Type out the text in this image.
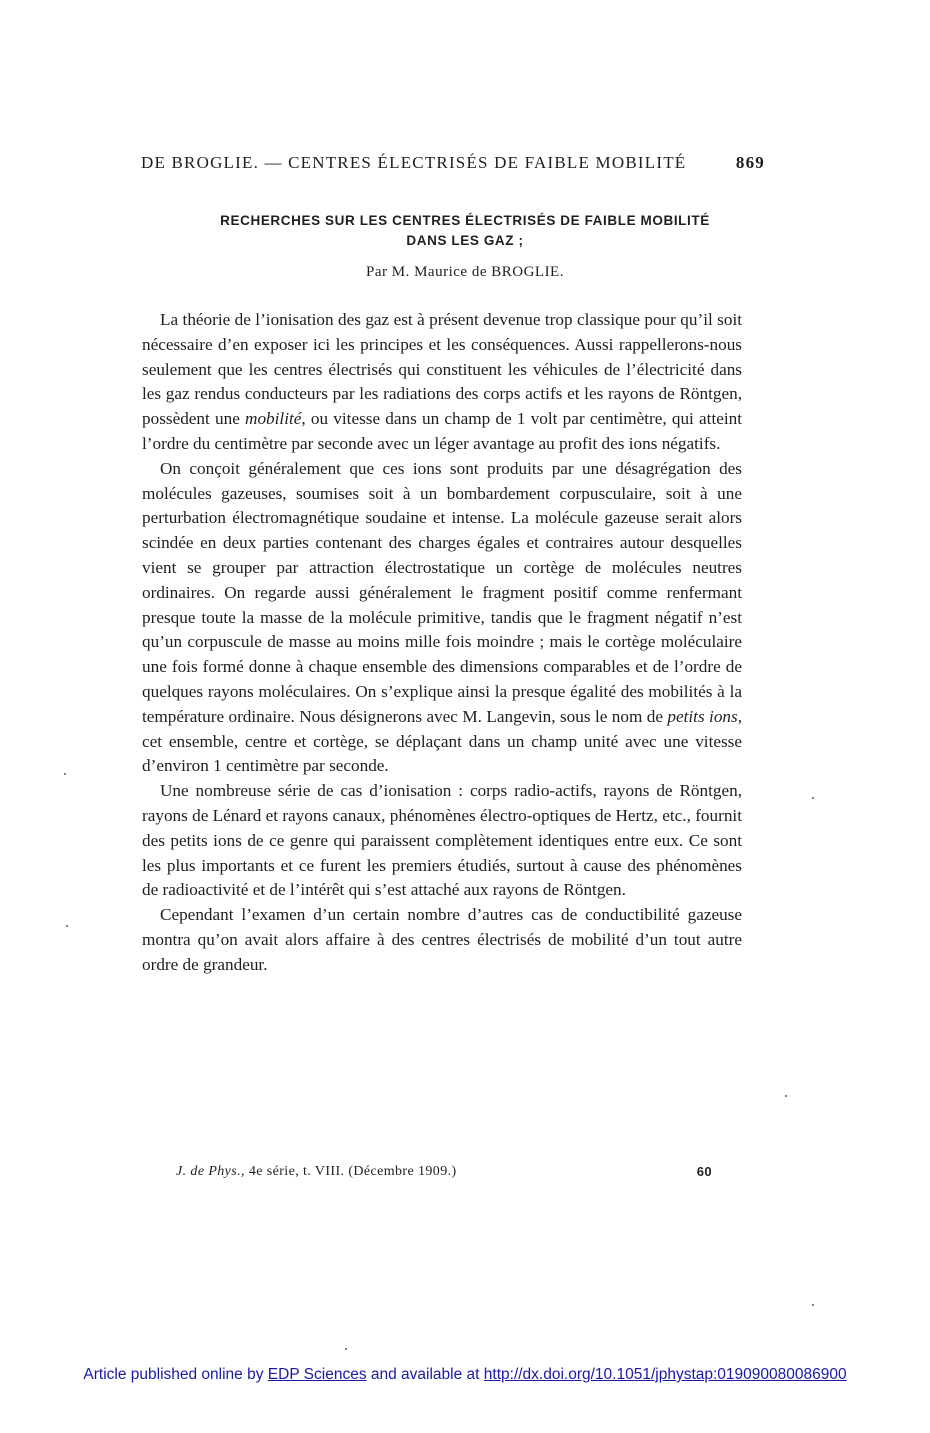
DE BROGLIE. — CENTRES ÉLECTRISÉS DE FAIBLE MOBILITÉ	869
RECHERCHES SUR LES CENTRES ÉLECTRISÉS DE FAIBLE MOBILITÉ
DANS LES GAZ ;
Par M. Maurice de BROGLIE.

La théorie de l’ionisation des gaz est à présent devenue trop classique pour qu’il soit nécessaire d’en exposer ici les principes et les conséquences. Aussi rappellerons-nous seulement que les centres électrisés qui constituent les véhicules de l’électricité dans les gaz rendus conducteurs par les radiations des corps actifs et les rayons de Röntgen, possèdent une mobilité, ou vitesse dans un champ de 1 volt par centimètre, qui atteint l’ordre du centimètre par seconde avec un léger avantage au profit des ions négatifs.

On conçoit généralement que ces ions sont produits par une désagrégation des molécules gazeuses, soumises soit à un bombardement corpusculaire, soit à une perturbation électromagnétique soudaine et intense. La molécule gazeuse serait alors scindée en deux parties contenant des charges égales et contraires autour desquelles vient se grouper par attraction électrostatique un cortège de molécules neutres ordinaires. On regarde aussi généralement le fragment positif comme renfermant presque toute la masse de la molécule primitive, tandis que le fragment négatif n’est qu’un corpuscule de masse au moins mille fois moindre ; mais le cortège moléculaire une fois formé donne à chaque ensemble des dimensions comparables et de l’ordre de quelques rayons moléculaires. On s’explique ainsi la presque égalité des mobilités à la température ordinaire. Nous désignerons avec M. Langevin, sous le nom de petits ions, cet ensemble, centre et cortège, se déplaçant dans un champ unité avec une vitesse d’environ 1 centimètre par seconde.

Une nombreuse série de cas d’ionisation : corps radio-actifs, rayons de Röntgen, rayons de Lénard et rayons canaux, phénomènes électro-optiques de Hertz, etc., fournit des petits ions de ce genre qui paraissent complètement identiques entre eux. Ce sont les plus importants et ce furent les premiers étudiés, surtout à cause des phénomènes de radioactivité et de l’intérêt qui s’est attaché aux rayons de Röntgen.

Cependant l’examen d’un certain nombre d’autres cas de conductibilité gazeuse montra qu’on avait alors affaire à des centres électrisés de mobilité d’un tout autre ordre de grandeur.

J. de Phys., 4e série, t. VIII. (Décembre 1909.)	60
Article published online by EDP Sciences and available at http://dx.doi.org/10.1051/jphystap:019090080086900
